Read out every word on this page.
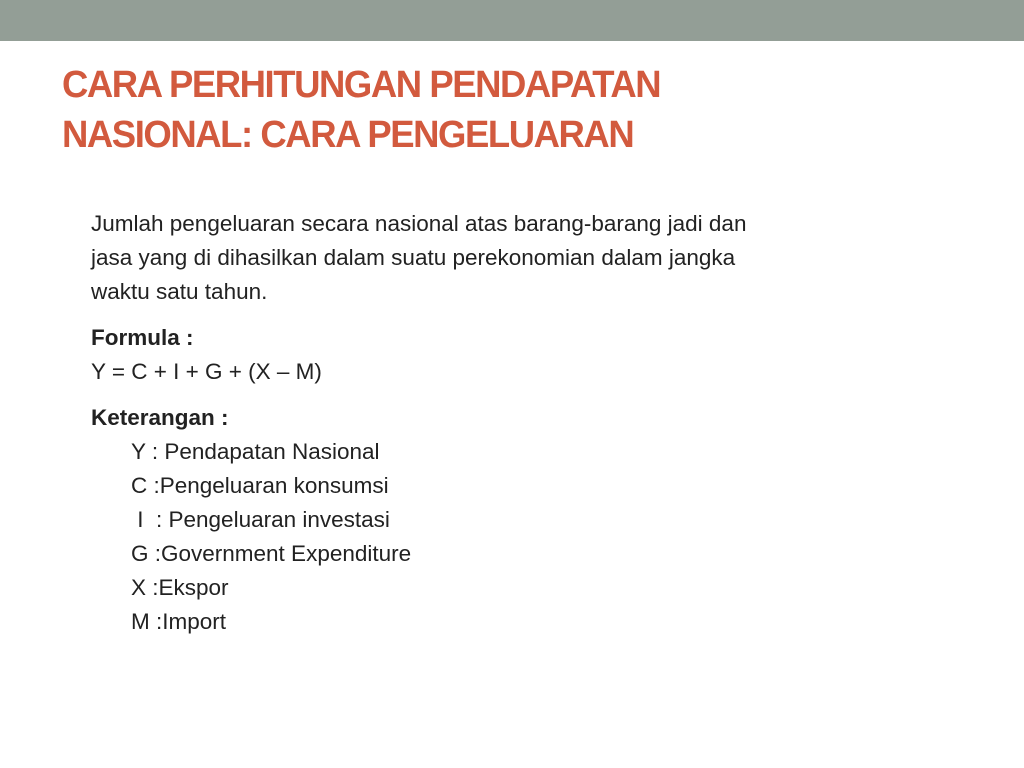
CARA PERHITUNGAN PENDAPATAN
NASIONAL: CARA PENGELUARAN

Jumlah pengeluaran secara nasional atas barang-barang jadi dan
jasa yang di dihasilkan dalam suatu perekonomian dalam jangka
waktu satu tahun.

Formula :
Y = C + I + G + (X – M)
Keterangan :
Y : Pendapatan Nasional
C :Pengeluaran konsumsi
I  : Pengeluaran investasi
G :Government Expenditure
X :Ekspor
M :Import
